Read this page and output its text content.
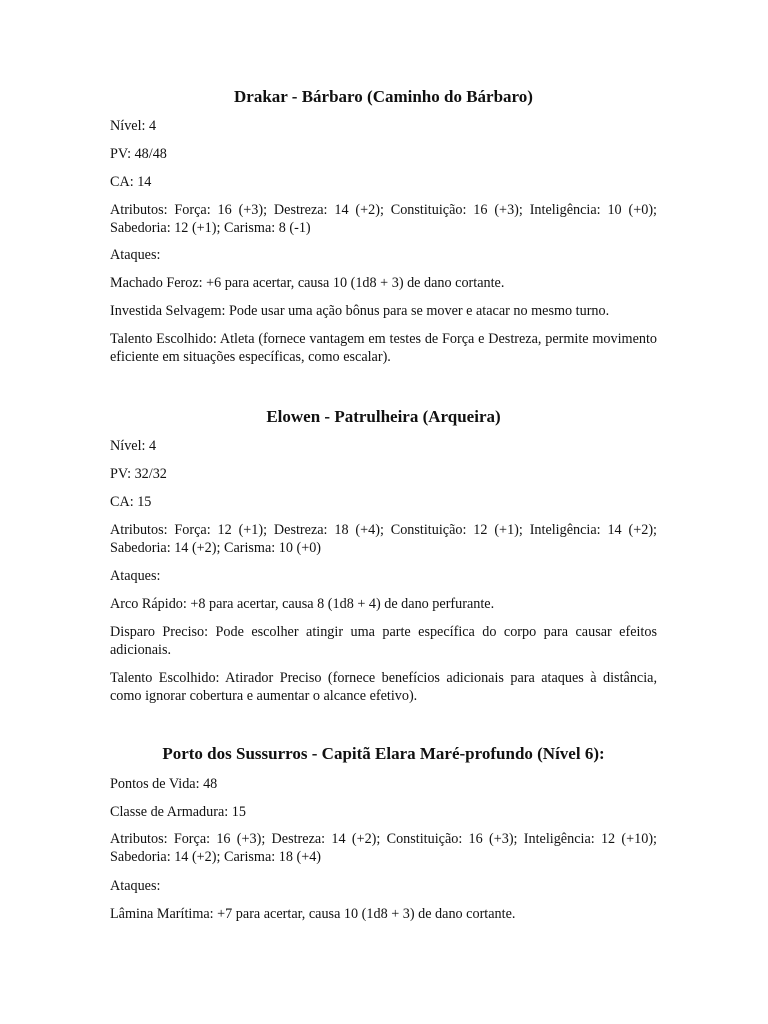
Drakar - Bárbaro (Caminho do Bárbaro)

Nível: 4

PV: 48/48

CA: 14

Atributos: Força: 16 (+3); Destreza: 14 (+2); Constituição: 16 (+3); Inteligência: 10 (+0); Sabedoria: 12 (+1); Carisma: 8 (-1)

Ataques:

Machado Feroz: +6 para acertar, causa 10 (1d8 + 3) de dano cortante.

Investida Selvagem: Pode usar uma ação bônus para se mover e atacar no mesmo turno.

Talento Escolhido: Atleta (fornece vantagem em testes de Força e Destreza, permite movimento eficiente em situações específicas, como escalar).

Elowen - Patrulheira (Arqueira)

Nível: 4

PV: 32/32

CA: 15

Atributos: Força: 12 (+1); Destreza: 18 (+4); Constituição: 12 (+1); Inteligência: 14 (+2); Sabedoria: 14 (+2); Carisma: 10 (+0)

Ataques:

Arco Rápido: +8 para acertar, causa 8 (1d8 + 4) de dano perfurante.

Disparo Preciso: Pode escolher atingir uma parte específica do corpo para causar efeitos adicionais.

Talento Escolhido: Atirador Preciso (fornece benefícios adicionais para ataques à distância, como ignorar cobertura e aumentar o alcance efetivo).

Porto dos Sussurros - Capitã Elara Maré-profundo (Nível 6):

Pontos de Vida: 48

Classe de Armadura: 15

Atributos: Força: 16 (+3); Destreza: 14 (+2); Constituição: 16 (+3); Inteligência: 12 (+10); Sabedoria: 14 (+2); Carisma: 18 (+4)

Ataques:

Lâmina Marítima: +7 para acertar, causa 10 (1d8 + 3) de dano cortante.
